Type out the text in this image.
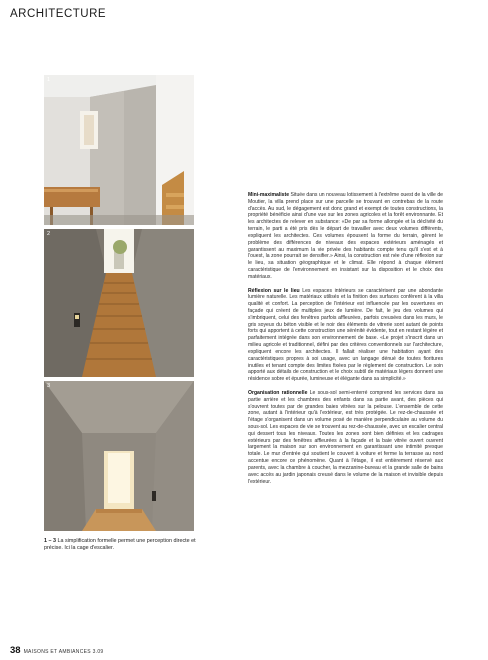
ARCHITECTURE
1
2
3
1 – 3 La simplification formelle permet une perception directe et précise. Ici la cage d'escalier.

Mini-maximaliste Située dans un nouveau lotissement à l'extrême ouest de la ville de Moutier, la villa prend place sur une parcelle se trouvant en contrebas de la route d'accès. Au sud, le dégagement est donc grand et exempt de toutes constructions, la propriété bénéficie ainsi d'une vue sur les zones agricoles et la forêt environnante. Et les architectes de relever en substance: «De par sa forme allongée et la déclivité du terrain, le parti a été pris dès le départ de travailler avec deux volumes différents, expliquent les architectes. Ces volumes épousent la forme du terrain, gèrent le problème des différences de niveaux des espaces extérieurs aménagés et garantissent au maximum la vie privée des habitants compte tenu qu'il s'est et à l'ouest, la zone pourrait se densifier.» Ainsi, la construction est née d'une réflexion sur le lieu, sa situation géographique et le climat. Elle répond à chaque élément caractéristique de l'environnement en insistant sur la disposition et le choix des matériaux.

Réflexion sur le lieu Les espaces intérieurs se caractérisent par une abondante lumière naturelle. Les matériaux utilisés et la finition des surfaces confèrent à la villa qualité et confort. La perception de l'intérieur est influencée par les ouvertures en façade qui créent de multiples jeux de lumière. De fait, le jeu des volumes qui s'imbriquent, celui des fenêtres parfois affleurées, parfois creusées dans les murs, le gris soyeux du béton visible et le noir des éléments de vitrerie sont autant de points forts qui apportent à cette construction une sérénité évidente, tout en restant légère et parfaitement intégrée dans son environnement de base. «Le projet s'inscrit dans un milieu agricole et traditionnel, défini par des critères conventionnels sur l'architecture, expliquent encore les architectes. Il fallait réaliser une habitation ayant des caractéristiques propres à soi usage, avec un langage dénué de toutes fioritures inutiles et tenant compte des limites fixées par le règlement de construction. Le soin apporté aux détails de construction et le choix subtil de matériaux légers donnent une résidence sobre et épurée, lumineuse et élégante dans sa simplicité.»

Organisation rationnelle Le sous-sol semi-enterré comprend les services dans sa partie arrière et les chambres des enfants dans sa partie avant, des pièces qui s'ouvrent toutes par de grandes baies vitrées sur la pelouse. L'ensemble de cette zone, autant à l'intérieur qu'à l'extérieur, est très protégée. Le rez-de-chaussée et l'étage s'organisent dans un volume posé de manière perpendiculaire au volume du sous-sol. Les espaces de vie se trouvent au rez-de-chaussée, avec un escalier central qui dessert tous les niveaux. Toutes les zones sont bien définies et les cadrages extérieurs par des fenêtres affleurées à la façade et la baie vitrée ouvert ouvrent largement la maison sur son environnement en garantissant une intimité presque totale. Le mur d'entrée qui soutient le couvert à voiture et ferme la terrasse au nord accentue encore ce phénomène. Quant à l'étage, il est entièrement réservé aux parents, avec la chambre à coucher, la mezzanine-bureau et la grande salle de bains avec accès au jardin japonais creusé dans le volume de la maison et invisible depuis l'extérieur.

38 MAISONS ET AMBIANCES 3.09
